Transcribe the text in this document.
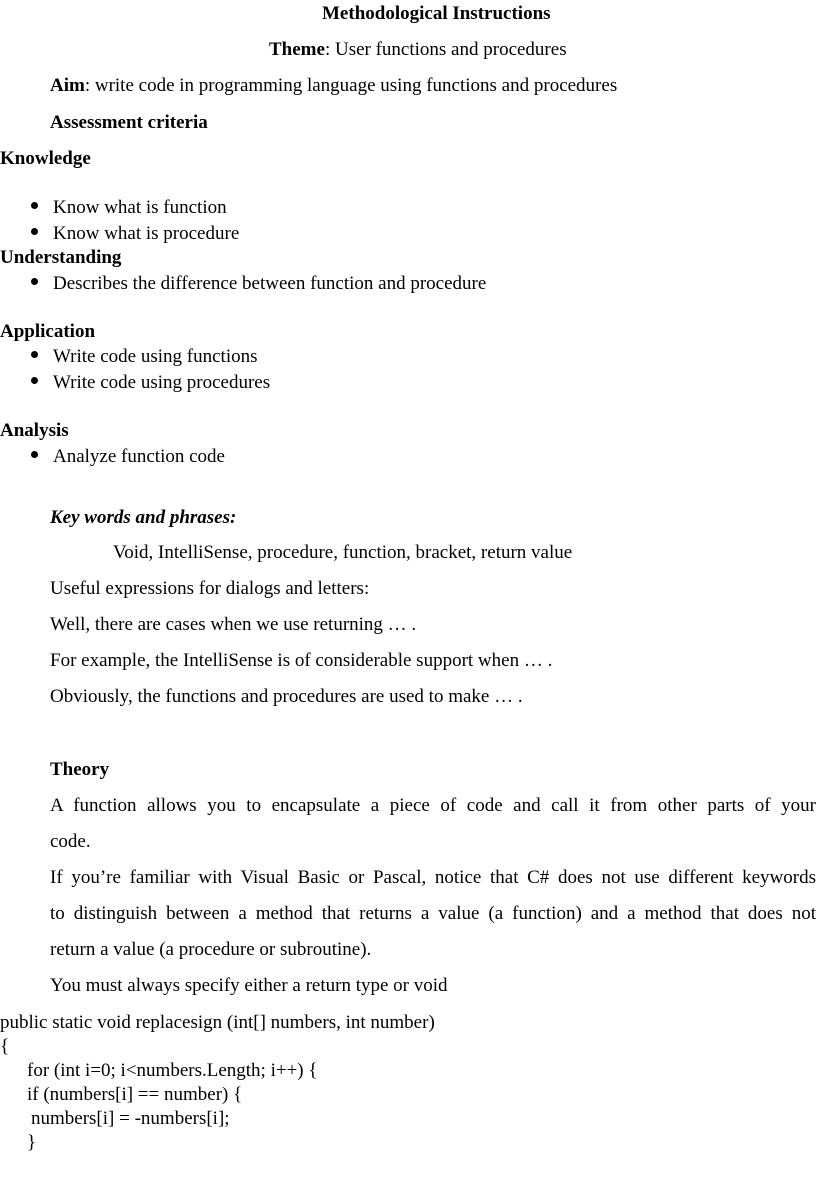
Methodological Instructions
Theme: User functions and procedures
Aim: write code in programming language using functions and procedures
Assessment criteria
Knowledge
Know what is function
Know what is procedure
Understanding
Describes the difference between function and procedure
Application
Write code using functions
Write code using procedures
Analysis
Analyze function code
Key words and phrases:
Void, IntelliSense, procedure, function, bracket, return value
Useful expressions for dialogs and letters:
Well, there are cases when we use returning … .
For example, the IntelliSense is of considerable support when … .
Obviously, the functions and procedures are used to make … .
Theory
A function allows you to encapsulate a piece of code and call it from other parts of your
code.
If you’re familiar with Visual Basic or Pascal, notice that C# does not use different keywords
to distinguish between a method that returns a value (a function) and a method that does not
return a value (a procedure or subroutine).
You must always specify either a return type or void
public static void replacesign (int[] numbers, int number)
{
for (int i=0; i<numbers.Length; i++) {
if (numbers[i] == number) {
numbers[i] = -numbers[i];
}
